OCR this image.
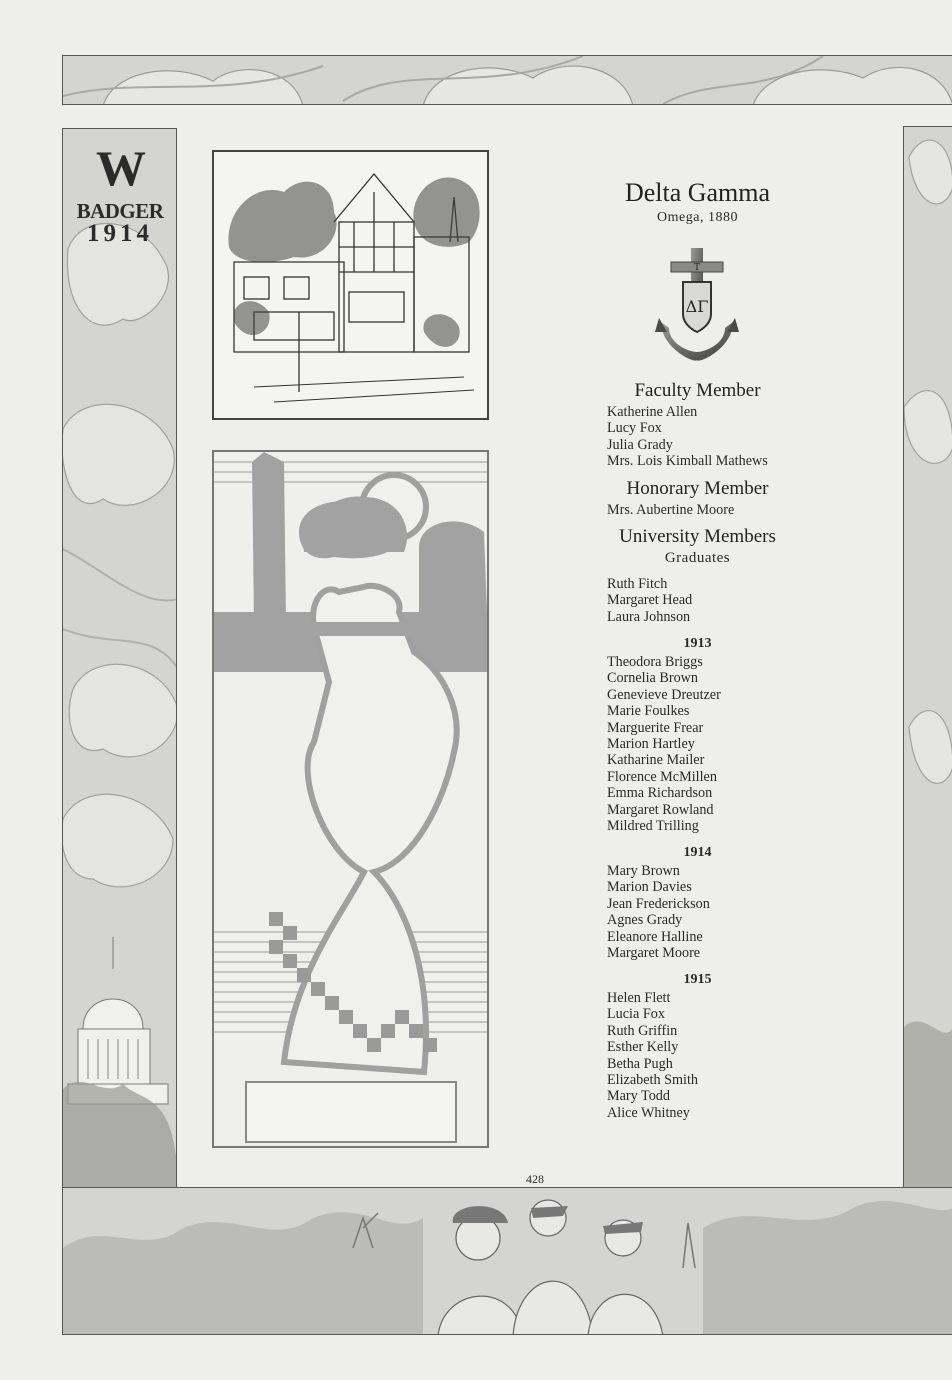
W
BADGER
1914
Delta Gamma
Omega, 1880
Τ
ΔΓ
Faculty Member
Katherine Allen
Lucy Fox
Julia Grady
Mrs. Lois Kimball Mathews
Honorary Member
Mrs. Aubertine Moore
University Members
Graduates
Ruth Fitch
Margaret Head
Laura Johnson
1913
Theodora Briggs
Cornelia Brown
Genevieve Dreutzer
Marie Foulkes
Marguerite Frear
Marion Hartley
Katharine Mailer
Florence McMillen
Emma Richardson
Margaret Rowland
Mildred Trilling
1914
Mary Brown
Marion Davies
Jean Frederickson
Agnes Grady
Eleanore Halline
Margaret Moore
1915
Helen Flett
Lucia Fox
Ruth Griffin
Esther Kelly
Betha Pugh
Elizabeth Smith
Mary Todd
Alice Whitney
428
